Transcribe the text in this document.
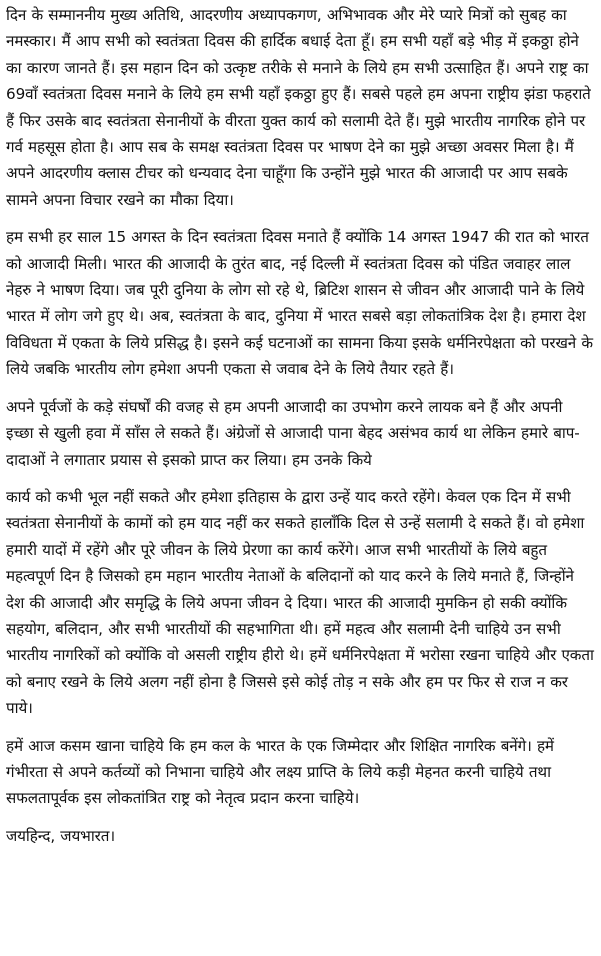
दिन के सम्माननीय मुख्य अतिथि, आदरणीय अध्यापकगण, अभिभावक और मेरे प्यारे मित्रों को सुबह का नमस्कार। मैं आप सभी को स्वतंत्रता दिवस की हार्दिक बधाई देता हूँ। हम सभी यहाँ बड़े भीड़ में इकठ्ठा होने का कारण जानते हैं। इस महान दिन को उत्कृष्ट तरीके से मनाने के लिये हम सभी उत्साहित हैं। अपने राष्ट्र का 69वाँ स्वतंत्रता दिवस मनाने के लिये हम सभी यहाँ इकठ्ठा हुए हैं। सबसे पहले हम अपना राष्ट्रीय झंडा फहराते हैं फिर उसके बाद स्वतंत्रता सेनानीयों के वीरता युक्त कार्य को सलामी देते हैं। मुझे भारतीय नागरिक होने पर गर्व महसूस होता है। आप सब के समक्ष स्वतंत्रता दिवस पर भाषण देने का मुझे अच्छा अवसर मिला है। मैं अपने आदरणीय क्लास टीचर को धन्यवाद देना चाहूँगा कि उन्होंने मुझे भारत की आजादी पर आप सबके सामने अपना विचार रखने का मौका दिया।

हम सभी हर साल 15 अगस्त के दिन स्वतंत्रता दिवस मनाते हैं क्योंकि 14 अगस्त 1947 की रात को भारत को आजादी मिली। भारत की आजादी के तुरंत बाद, नई दिल्ली में स्वतंत्रता दिवस को पंडित जवाहर लाल नेहरु ने भाषण दिया। जब पूरी दुनिया के लोग सो रहे थे, ब्रिटिश शासन से जीवन और आजादी पाने के लिये भारत में लोग जगे हुए थे। अब, स्वतंत्रता के बाद, दुनिया में भारत सबसे बड़ा लोकतांत्रिक देश है। हमारा देश विविधता में एकता के लिये प्रसिद्ध है। इसने कई घटनाओं का सामना किया इसके धर्मनिरपेक्षता को परखने के लिये जबकि भारतीय लोग हमेशा अपनी एकता से जवाब देने के लिये तैयार रहते हैं।

अपने पूर्वजों के कड़े संघर्षों की वजह से हम अपनी आजादी का उपभोग करने लायक बने हैं और अपनी इच्छा से खुली हवा में साँस ले सकते हैं। अंग्रेजों से आजादी पाना बेहद असंभव कार्य था लेकिन हमारे बाप-दादाओं ने लगातार प्रयास से इसको प्राप्त कर लिया। हम उनके किये

कार्य को कभी भूल नहीं सकते और हमेशा इतिहास के द्वारा उन्हें याद करते रहेंगे। केवल एक दिन में सभी स्वतंत्रता सेनानीयों के कामों को हम याद नहीं कर सकते हालाँकि दिल से उन्हें सलामी दे सकते हैं। वो हमेशा हमारी यादों में रहेंगे और पूरे जीवन के लिये प्रेरणा का कार्य करेंगे। आज सभी भारतीयों के लिये बहुत महत्वपूर्ण दिन है जिसको हम महान भारतीय नेताओं के बलिदानों को याद करने के लिये मनाते हैं, जिन्होंने देश की आजादी और समृद्धि के लिये अपना जीवन दे दिया। भारत की आजादी मुमकिन हो सकी क्योंकि सहयोग, बलिदान, और सभी भारतीयों की सहभागिता थी। हमें महत्व और सलामी देनी चाहिये उन सभी भारतीय नागरिकों को क्योंकि वो असली राष्ट्रीय हीरो थे। हमें धर्मनिरपेक्षता में भरोसा रखना चाहिये और एकता को बनाए रखने के लिये अलग नहीं होना है जिससे इसे कोई तोड़ न सके और हम पर फिर से राज न कर पाये।

हमें आज कसम खाना चाहिये कि हम कल के भारत के एक जिम्मेदार और शिक्षित नागरिक बनेंगे। हमें गंभीरता से अपने कर्तव्यों को निभाना चाहिये और लक्ष्य प्राप्ति के लिये कड़ी मेहनत करनी चाहिये तथा सफलतापूर्वक इस लोकतांत्रित राष्ट्र को नेतृत्व प्रदान करना चाहिये।

जयहिन्द, जयभारत।
